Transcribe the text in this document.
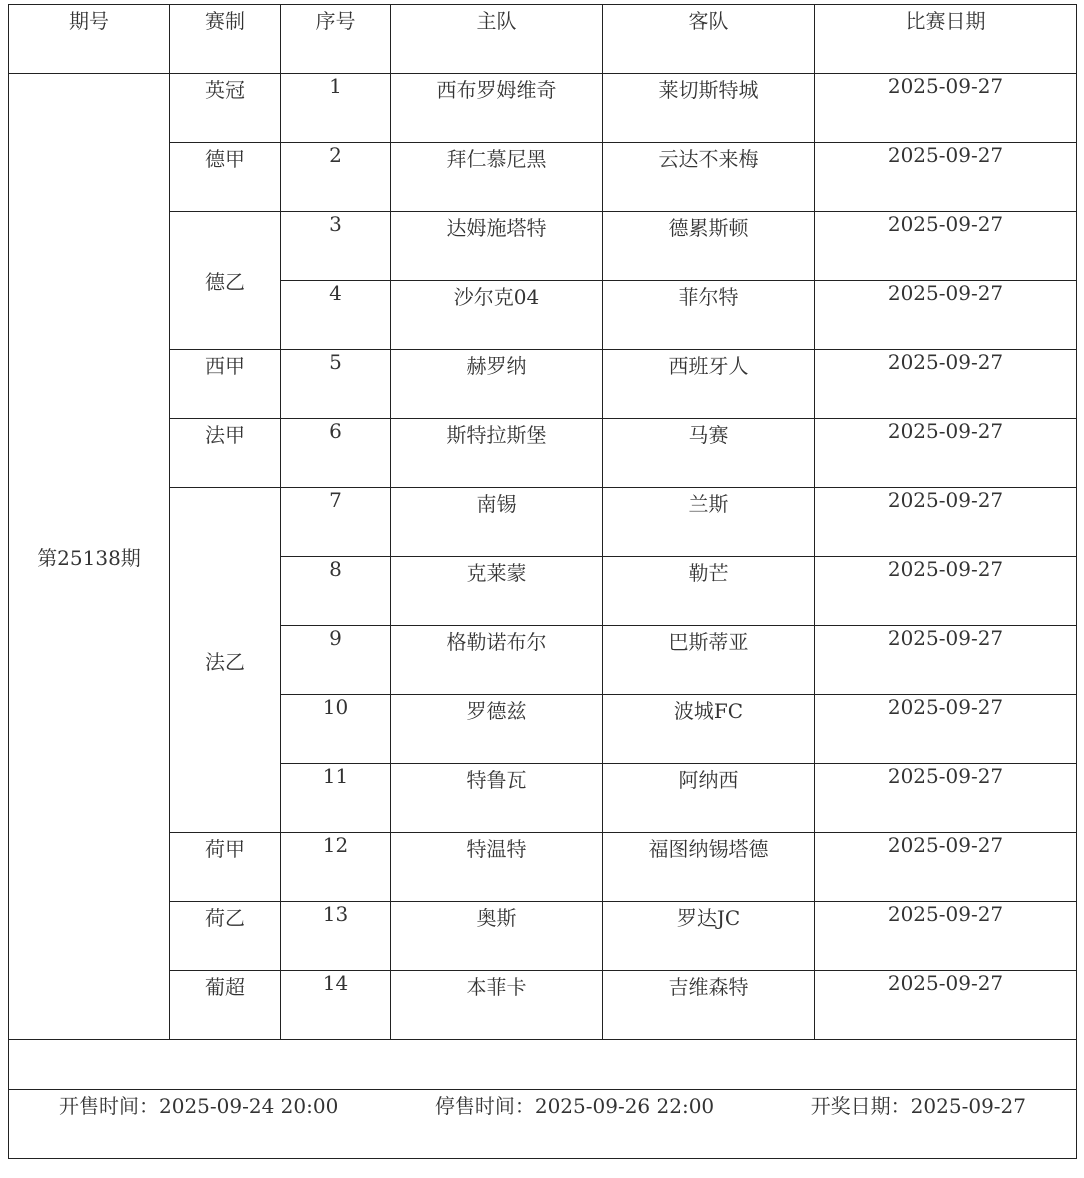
期号	赛制	序号	主队	客队	比赛日期
第25138期	英冠	1	西布罗姆维奇	莱切斯特城	2025-09-27
	德甲	2	拜仁慕尼黑	云达不来梅	2025-09-27
	德乙	3	达姆施塔特	德累斯顿	2025-09-27
		4	沙尔克04	菲尔特	2025-09-27
	西甲	5	赫罗纳	西班牙人	2025-09-27
	法甲	6	斯特拉斯堡	马赛	2025-09-27
	法乙	7	南锡	兰斯	2025-09-27
		8	克莱蒙	勒芒	2025-09-27
		9	格勒诺布尔	巴斯蒂亚	2025-09-27
		10	罗德兹	波城FC	2025-09-27
		11	特鲁瓦	阿纳西	2025-09-27
	荷甲	12	特温特	福图纳锡塔德	2025-09-27
	荷乙	13	奥斯	罗达JC	2025-09-27
	葡超	14	本菲卡	吉维森特	2025-09-27

开售时间：2025-09-24 20:00 停售时间：2025-09-26 22:00 开奖日期：2025-09-27					
